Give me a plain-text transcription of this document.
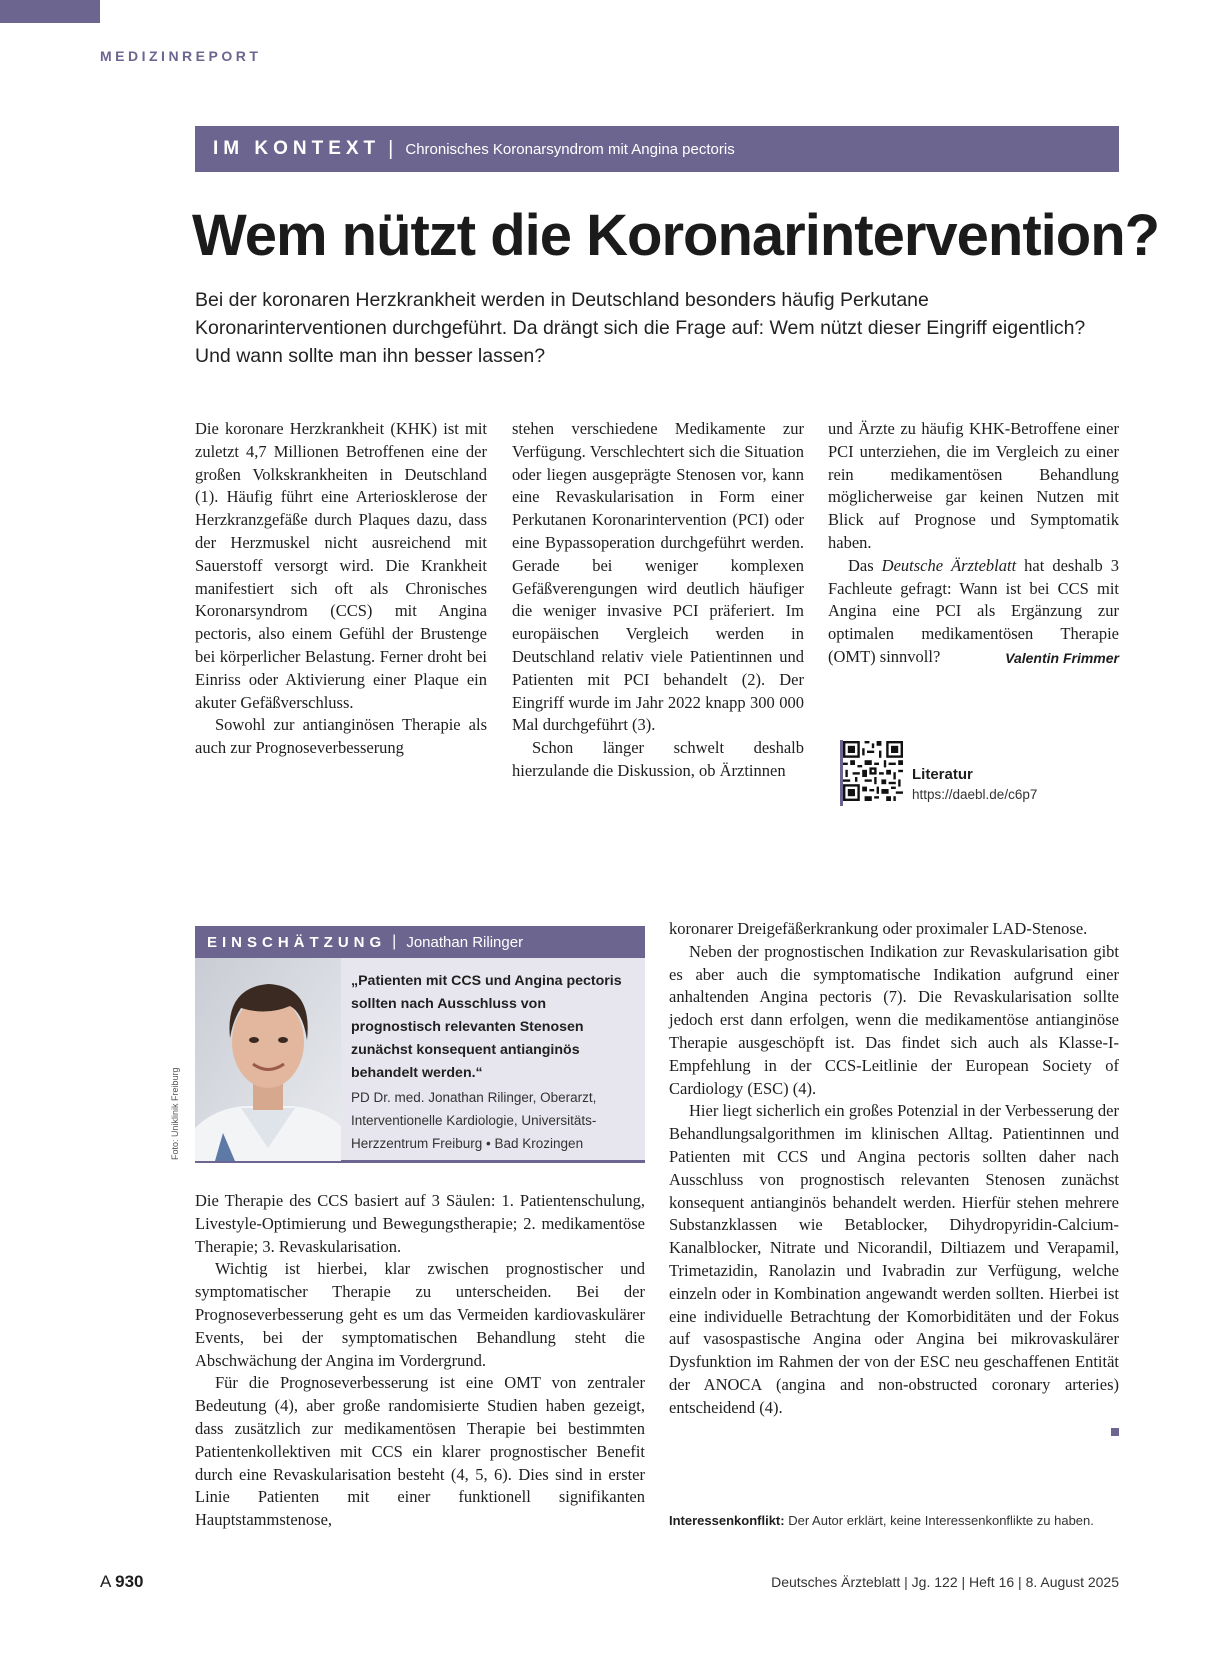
MEDIZINREPORT
IM KONTEXT | Chronisches Koronarsyndrom mit Angina pectoris
Wem nützt die Koronarintervention?
Bei der koronaren Herzkrankheit werden in Deutschland besonders häufig Perkutane Koronarinterventionen durchgeführt. Da drängt sich die Frage auf: Wem nützt dieser Eingriff eigentlich? Und wann sollte man ihn besser lassen?

Die koronare Herzkrankheit (KHK) ist mit zuletzt 4,7 Millionen Betroffenen eine der großen Volkskrankheiten in Deutschland (1). Häufig führt eine Arteriosklerose der Herzkranzgefäße durch Plaques dazu, dass der Herzmuskel nicht ausreichend mit Sauerstoff versorgt wird. Die Krankheit manifestiert sich oft als Chronisches Koronarsyndrom (CCS) mit Angina pectoris, also einem Gefühl der Brustenge bei körperlicher Belastung. Ferner droht bei Einriss oder Aktivierung einer Plaque ein akuter Gefäßverschluss.

Sowohl zur antianginösen Therapie als auch zur Prognoseverbesserung

stehen verschiedene Medikamente zur Verfügung. Verschlechtert sich die Situation oder liegen ausgeprägte Stenosen vor, kann eine Revaskularisation in Form einer Perkutanen Koronarintervention (PCI) oder eine Bypassoperation durchgeführt werden. Gerade bei weniger komplexen Gefäßverengungen wird deutlich häufiger die weniger invasive PCI präferiert. Im europäischen Vergleich werden in Deutschland relativ viele Patientinnen und Patienten mit PCI behandelt (2). Der Eingriff wurde im Jahr 2022 knapp 300 000 Mal durchgeführt (3).

Schon länger schwelt deshalb hierzulande die Diskussion, ob Ärztinnen

und Ärzte zu häufig KHK-Betroffene einer PCI unterziehen, die im Vergleich zu einer rein medikamentösen Behandlung möglicherweise gar keinen Nutzen mit Blick auf Prognose und Symptomatik haben.

Das Deutsche Ärzteblatt hat deshalb 3 Fachleute gefragt: Wann ist bei CCS mit Angina eine PCI als Ergänzung zur optimalen medikamentösen Therapie (OMT) sinnvoll?	Valentin Frimmer
Literatur
https://daebl.de/c6p7
EINSCHÄTZUNG | Jonathan Rilinger
Foto: Uniklinik Freiburg
„Patienten mit CCS und Angina pectoris sollten nach Ausschluss von prognostisch relevanten Stenosen zunächst konsequent antianginös behandelt werden.“
PD Dr. med. Jonathan Rilinger, Oberarzt, Interventionelle Kardiologie, Universitäts-Herzzentrum Freiburg • Bad Krozingen

Die Therapie des CCS basiert auf 3 Säulen: 1. Patientenschulung, Livestyle-Optimierung und Bewegungstherapie; 2. medikamentöse Therapie; 3. Revaskularisation.

Wichtig ist hierbei, klar zwischen prognostischer und symptomatischer Therapie zu unterscheiden. Bei der Prognoseverbesserung geht es um das Vermeiden kardiovaskulärer Events, bei der symptomatischen Behandlung steht die Abschwächung der Angina im Vordergrund.

Für die Prognoseverbesserung ist eine OMT von zentraler Bedeutung (4), aber große randomisierte Studien haben gezeigt, dass zusätzlich zur medikamentösen Therapie bei bestimmten Patientenkollektiven mit CCS ein klarer prognostischer Benefit durch eine Revaskularisation besteht (4, 5, 6). Dies sind in erster Linie Patienten mit einer funktionell signifikanten Hauptstammstenose,

koronarer Dreigefäßerkrankung oder proximaler LAD-Stenose.

Neben der prognostischen Indikation zur Revaskularisation gibt es aber auch die symptomatische Indikation aufgrund einer anhaltenden Angina pectoris (7). Die Revaskularisation sollte jedoch erst dann erfolgen, wenn die medikamentöse antianginöse Therapie ausgeschöpft ist. Das findet sich auch als Klasse-I-Empfehlung in der CCS-Leitlinie der European Society of Cardiology (ESC) (4).

Hier liegt sicherlich ein großes Potenzial in der Verbesserung der Behandlungsalgorithmen im klinischen Alltag. Patientinnen und Patienten mit CCS und Angina pectoris sollten daher nach Ausschluss von prognostisch relevanten Stenosen zunächst konsequent antianginös behandelt werden. Hierfür stehen mehrere Substanzklassen wie Betablocker, Dihydropyridin-Calcium-Kanalblocker, Nitrate und Nicorandil, Diltiazem und Verapamil, Trimetazidin, Ranolazin und Ivabradin zur Verfügung, welche einzeln oder in Kombination angewandt werden sollten. Hierbei ist eine individuelle Betrachtung der Komorbiditäten und der Fokus auf vasospastische Angina oder Angina bei mikrovaskulärer Dysfunktion im Rahmen der von der ESC neu geschaffenen Entität der ANOCA (angina and non-obstructed coronary arteries) entscheidend (4).

Interessenkonflikt: Der Autor erklärt, keine Interessenkonflikte zu haben.
A 930	Deutsches Ärzteblatt | Jg. 122 | Heft 16 | 8. August 2025
